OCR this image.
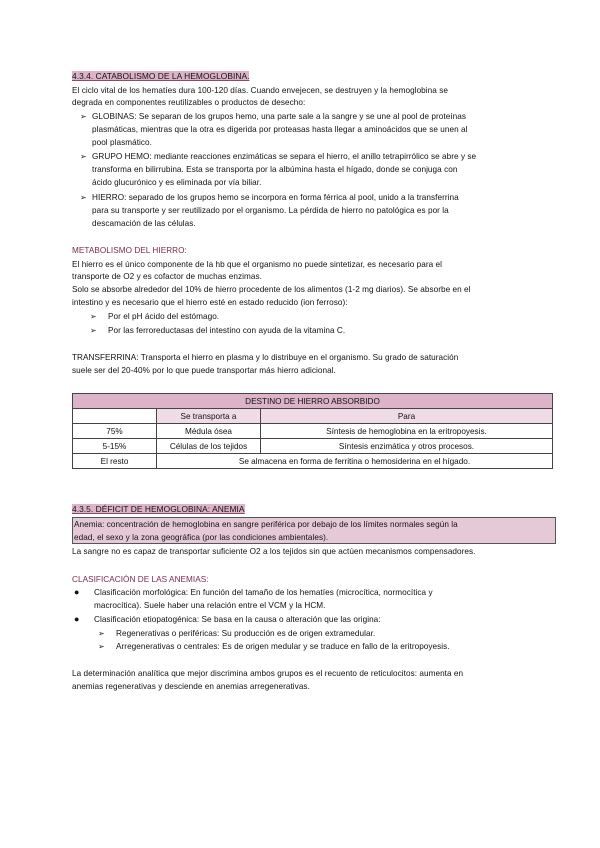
4.3.4. CATABOLISMO DE LA HEMOGLOBINA.
El ciclo vital de los hematíes dura 100-120 días. Cuando envejecen, se destruyen y la hemoglobina se
degrada en componentes reutilizables o productos de desecho:
➢ GLOBINAS: Se separan de los grupos hemo, una parte sale a la sangre y se une al pool de proteínas
plasmáticas, mientras que la otra es digerida por proteasas hasta llegar a aminoácidos que se unen al
pool plasmático.
➢ GRUPO HEMO: mediante reacciones enzimáticas se separa el hierro, el anillo tetrapirrólico se abre y se
transforma en bilirrubina. Esta se transporta por la albúmina hasta el hígado, donde se conjuga con
ácido glucurónico y es eliminada por vía biliar.
➢ HIERRO: separado de los grupos hemo se incorpora en forma férrica al pool, unido a la transferrina
para su transporte y ser reutilizado por el organismo. La pérdida de hierro no patológica es por la
descamación de las células.
METABOLISMO DEL HIERRO:
El hierro es el único componente de la hb que el organismo no puede sintetizar, es necesario para el
transporte de O2 y es cofactor de muchas enzimas.
Solo se absorbe alrededor del 10% de hierro procedente de los alimentos (1-2 mg diarios). Se absorbe en el
intestino y es necesario que el hierro esté en estado reducido (ion ferroso):
➢ Por el pH ácido del estómago.
➢ Por las ferroreductasas del intestino con ayuda de la vitamina C.
TRANSFERRINA: Transporta el hierro en plasma y lo distribuye en el organismo. Su grado de saturación
suele ser del 20-40% por lo que puede transportar más hierro adicional.
DESTINO DE HIERRO ABSORBIDO		
	Se transporta a	Para
75%	Médula ósea	Síntesis de hemoglobina en la eritropoyesis.
5-15%	Células de los tejidos	Síntesis enzimática y otros procesos.
El resto	Se almacena en forma de ferritina o hemosiderina en el hígado.	
4.3.5. DÉFICIT DE HEMOGLOBINA: ANEMIA
Anemia: concentración de hemoglobina en sangre periférica por debajo de los límites normales según la
edad, el sexo y la zona geográfica (por las condiciones ambientales).
La sangre no es capaz de transportar suficiente O2 a los tejidos sin que actúen mecanismos compensadores.
CLASIFICACIÓN DE LAS ANEMIAS:
● Clasificación morfológica: En función del tamaño de los hematíes (microcítica, normocítica y
macrocítica). Suele haber una relación entre el VCM y la HCM.
● Clasificación etiopatogénica: Se basa en la causa o alteración que las origina:
➢ Regenerativas o periféricas: Su producción es de origen extramedular.
➢ Arregenerativas o centrales: Es de origen medular y se traduce en fallo de la eritropoyesis.
La determinación analítica que mejor discrimina ambos grupos es el recuento de reticulocitos: aumenta en
anemias regenerativas y desciende en anemias arregenerativas.
